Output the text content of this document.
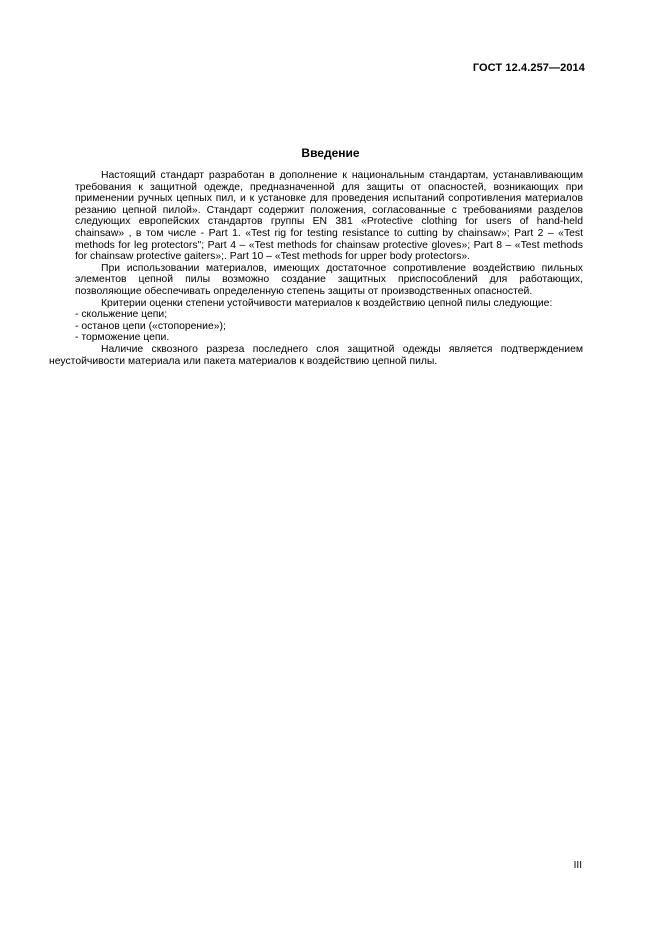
ГОСТ 12.4.257—2014
Введение
Настоящий стандарт разработан в дополнение к национальным стандартам, устанавливающим
требования к защитной одежде, предназначенной для защиты от опасностей, возникающих при
применении ручных цепных пил, и к установке для проведения испытаний сопротивления материалов
резанию цепной пилой». Стандарт содержит положения, согласованные с требованиями разделов
следующих европейских стандартов группы EN 381 «Protective clothing for users of hand-held
chainsaw» , в том числе - Part 1. «Test rig for testing resistance to cutting by chainsaw»; Part 2 – «Test
methods for leg protectors"; Part 4 – «Test methods for chainsaw protective gloves»; Part 8 – «Test methods
for chainsaw protective gaiters»;. Part 10 – «Test methods for upper body protectors».
При использовании материалов, имеющих достаточное сопротивление воздействию пильных
элементов цепной пилы возможно создание защитных приспособлений для работающих,
позволяющие обеспечивать определенную степень защиты от производственных опасностей.
Критерии оценки степени устойчивости материалов к воздействию цепной пилы следующие:
- скольжение цепи;
- останов цепи («стопорение»);
- торможение цепи.
Наличие сквозного разреза последнего слоя защитной одежды является подтверждением
неустойчивости материала или пакета материалов к воздействию цепной пилы.
III
